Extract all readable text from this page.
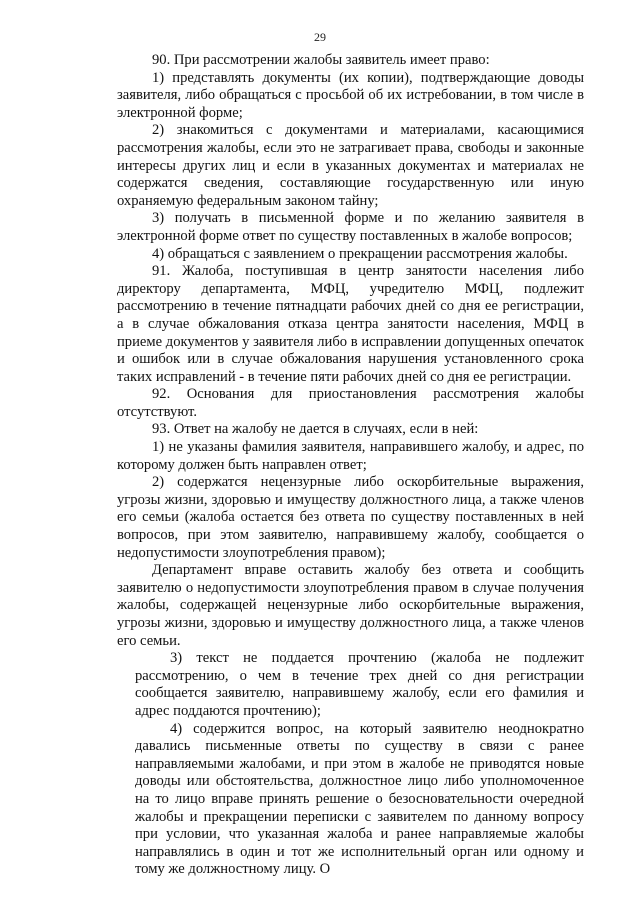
29

90. При рассмотрении жалобы заявитель имеет право:

1) представлять документы (их копии), подтверждающие доводы заявителя, либо обращаться с просьбой об их истребовании, в том числе в электронной форме;

2) знакомиться с документами и материалами, касающимися рассмотрения жалобы, если это не затрагивает права, свободы и законные интересы других лиц и если в указанных документах и материалах не содержатся сведения, составляющие государственную или иную охраняемую федеральным законом тайну;

3) получать в письменной форме и по желанию заявителя в электронной форме ответ по существу поставленных в жалобе вопросов;

4) обращаться с заявлением о прекращении рассмотрения жалобы.

91. Жалоба, поступившая в центр занятости населения либо директору департамента, МФЦ, учредителю МФЦ, подлежит рассмотрению в течение пятнадцати рабочих дней со дня ее регистрации, а в случае обжалования отказа центра занятости населения, МФЦ в приеме документов у заявителя либо в исправлении допущенных опечаток и ошибок или в случае обжалования нарушения установленного срока таких исправлений - в течение пяти рабочих дней со дня ее регистрации.

92. Основания для приостановления рассмотрения жалобы отсутствуют.

93. Ответ на жалобу не дается в случаях, если в ней:

1) не указаны фамилия заявителя, направившего жалобу, и адрес, по которому должен быть направлен ответ;

2) содержатся нецензурные либо оскорбительные выражения, угрозы жизни, здоровью и имуществу должностного лица, а также членов его семьи (жалоба остается без ответа по существу поставленных в ней вопросов, при этом заявителю, направившему жалобу, сообщается о недопустимости злоупотребления правом);

Департамент вправе оставить жалобу без ответа и сообщить заявителю о недопустимости злоупотребления правом в случае получения жалобы, содержащей нецензурные либо оскорбительные выражения, угрозы жизни, здоровью и имуществу должностного лица, а также членов его семьи.

3) текст не поддается прочтению (жалоба не подлежит рассмотрению, о чем в течение трех дней со дня регистрации сообщается заявителю, направившему жалобу, если его фамилия и адрес поддаются прочтению);

4) содержится вопрос, на который заявителю неоднократно давались письменные ответы по существу в связи с ранее направляемыми жалобами, и при этом в жалобе не приводятся новые доводы или обстоятельства, должностное лицо либо уполномоченное на то лицо вправе принять решение о безосновательности очередной жалобы и прекращении переписки с заявителем по данному вопросу при условии, что указанная жалоба и ранее направляемые жалобы направлялись в один и тот же исполнительный орган или одному и тому же должностному лицу. О
